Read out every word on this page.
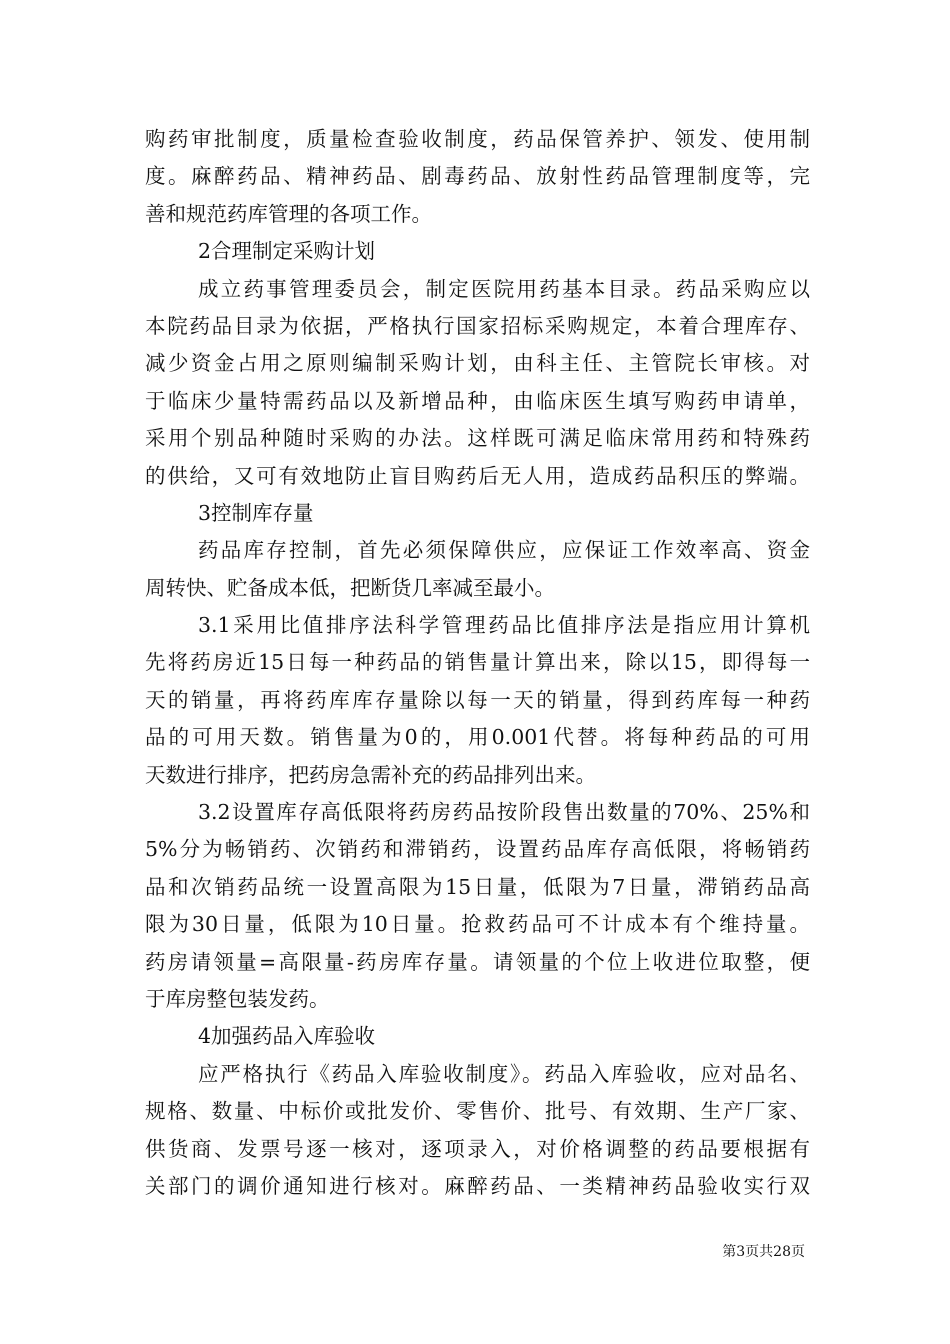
购药审批制度，质量检查验收制度，药品保管养护、领发、使用制
度。麻醉药品、精神药品、剧毒药品、放射性药品管理制度等，完
善和规范药库管理的各项工作。
2合理制定采购计划
成立药事管理委员会，制定医院用药基本目录。药品采购应以
本院药品目录为依据，严格执行国家招标采购规定，本着合理库存、
减少资金占用之原则编制采购计划，由科主任、主管院长审核。对
于临床少量特需药品以及新增品种，由临床医生填写购药申请单，
采用个别品种随时采购的办法。这样既可满足临床常用药和特殊药
的供给，又可有效地防止盲目购药后无人用，造成药品积压的弊端。
3控制库存量
药品库存控制，首先必须保障供应，应保证工作效率高、资金
周转快、贮备成本低，把断货几率减至最小。
3.1采用比值排序法科学管理药品比值排序法是指应用计算机
先将药房近15日每一种药品的销售量计算出来，除以15，即得每一
天的销量，再将药库库存量除以每一天的销量，得到药库每一种药
品的可用天数。销售量为0的，用0.001代替。将每种药品的可用
天数进行排序，把药房急需补充的药品排列出来。
3.2设置库存高低限将药房药品按阶段售出数量的70%、25%和
5%分为畅销药、次销药和滞销药，设置药品库存高低限，将畅销药
品和次销药品统一设置高限为15日量，低限为7日量，滞销药品高
限为30日量，低限为10日量。抢救药品可不计成本有个维持量。
药房请领量=高限量-药房库存量。请领量的个位上收进位取整，便
于库房整包装发药。
4加强药品入库验收
应严格执行《药品入库验收制度》。药品入库验收，应对品名、
规格、数量、中标价或批发价、零售价、批号、有效期、生产厂家、
供货商、发票号逐一核对，逐项录入，对价格调整的药品要根据有
关部门的调价通知进行核对。麻醉药品、一类精神药品验收实行双
第3页共28页
